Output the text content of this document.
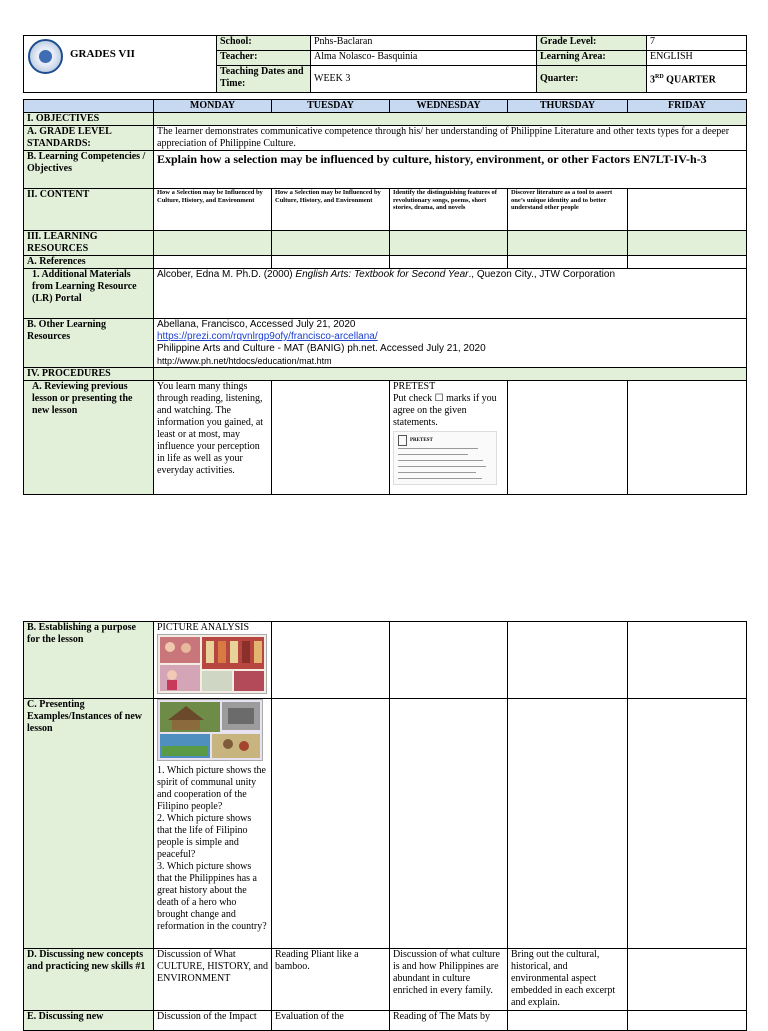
GRADES VII	School:	Pnhs-Baclaran	Grade Level:	7
	Teacher:	Alma Nolasco- Basquinia	Learning Area:	ENGLISH
	Teaching Dates and Time:	WEEK 3	Quarter:	3RD QUARTER

	MONDAY	TUESDAY	WEDNESDAY	THURSDAY	FRIDAY
I. OBJECTIVES					
A. GRADE LEVEL STANDARDS:	The learner demonstrates communicative competence through his/ her understanding of Philippine Literature and other texts types for a deeper appreciation of Philippine Culture.				
B. Learning Competencies / Objectives	Explain how a selection may be influenced by culture, history, environment, or other Factors EN7LT-IV-h-3				
II. CONTENT	How a Selection may be Influenced by Culture, History, and Environment	How a Selection may be Influenced by Culture, History, and Environment	Identify the distinguishing features of revolutionary songs, poems, short stories, drama, and novels	Discover literature as a tool to assert one’s unique identity and to better understand other people	
III. LEARNING RESOURCES					
A. References					
1. Additional Materials from Learning Resource (LR) Portal	Alcober, Edna M. Ph.D. (2000) English Arts: Textbook for Second Year., Quezon City., JTW Corporation				
B. Other Learning Resources	Abellana, Francisco, Accessed July 21, 2020
https://prezi.com/rqvnlrgp9ofy/francisco-arcellana/
Philippine Arts and Culture - MAT (BANIG) ph.net. Accessed July 21, 2020
http://www.ph.net/htdocs/education/mat.htm				

IV. PROCEDURES					
A. Reviewing previous lesson or presenting the new lesson	You learn many things through reading, listening, and watching. The information you gained, at least or at most, may influence your perception in life as well as your everyday activities.		PRETEST
Put check ☐ marks if you agree on the given statements.
PRETEST		

B. Establishing a purpose for the lesson	PICTURE ANALYSIS				

C. Presenting Examples/Instances of new lesson	1. Which picture shows the spirit of communal unity and cooperation of the Filipino people?
2. Which picture shows that the life of Filipino people is simple and peaceful?
3. Which picture shows that the Philippines has a great history about the death of a hero who brought change and reformation in the country?				

D. Discussing new concepts and practicing new skills #1	Discussion of What CULTURE, HISTORY, and ENVIRONMENT	Reading Pliant like a bamboo.	Discussion of what culture is and how Philippines are abundant in culture enriched in every family.	Bring out the cultural, historical, and environmental aspect embedded in each excerpt and explain.	
E. Discussing new	Discussion of the Impact	Evaluation of the	Reading of The Mats by		
